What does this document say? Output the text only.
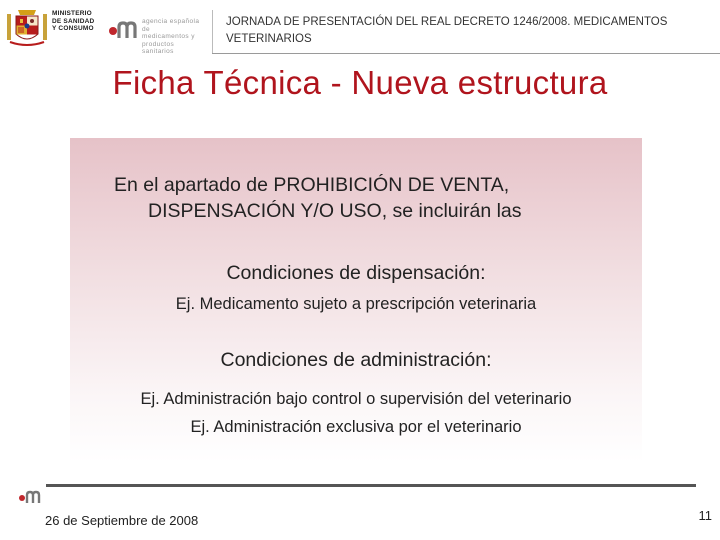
MINISTERIO
DE SANIDAD
Y CONSUMO
agencia española de
medicamentos y
productos sanitarios
JORNADA DE PRESENTACIÓN DEL REAL DECRETO 1246/2008. MEDICAMENTOS VETERINARIOS
Ficha Técnica - Nueva estructura
En el apartado de PROHIBICIÓN DE VENTA,
DISPENSACIÓN Y/O USO, se incluirán las
Condiciones de dispensación:
Ej. Medicamento sujeto a prescripción veterinaria
Condiciones de administración:
Ej. Administración bajo control o supervisión del veterinario
Ej. Administración exclusiva por el veterinario
26 de Septiembre de 2008	11
